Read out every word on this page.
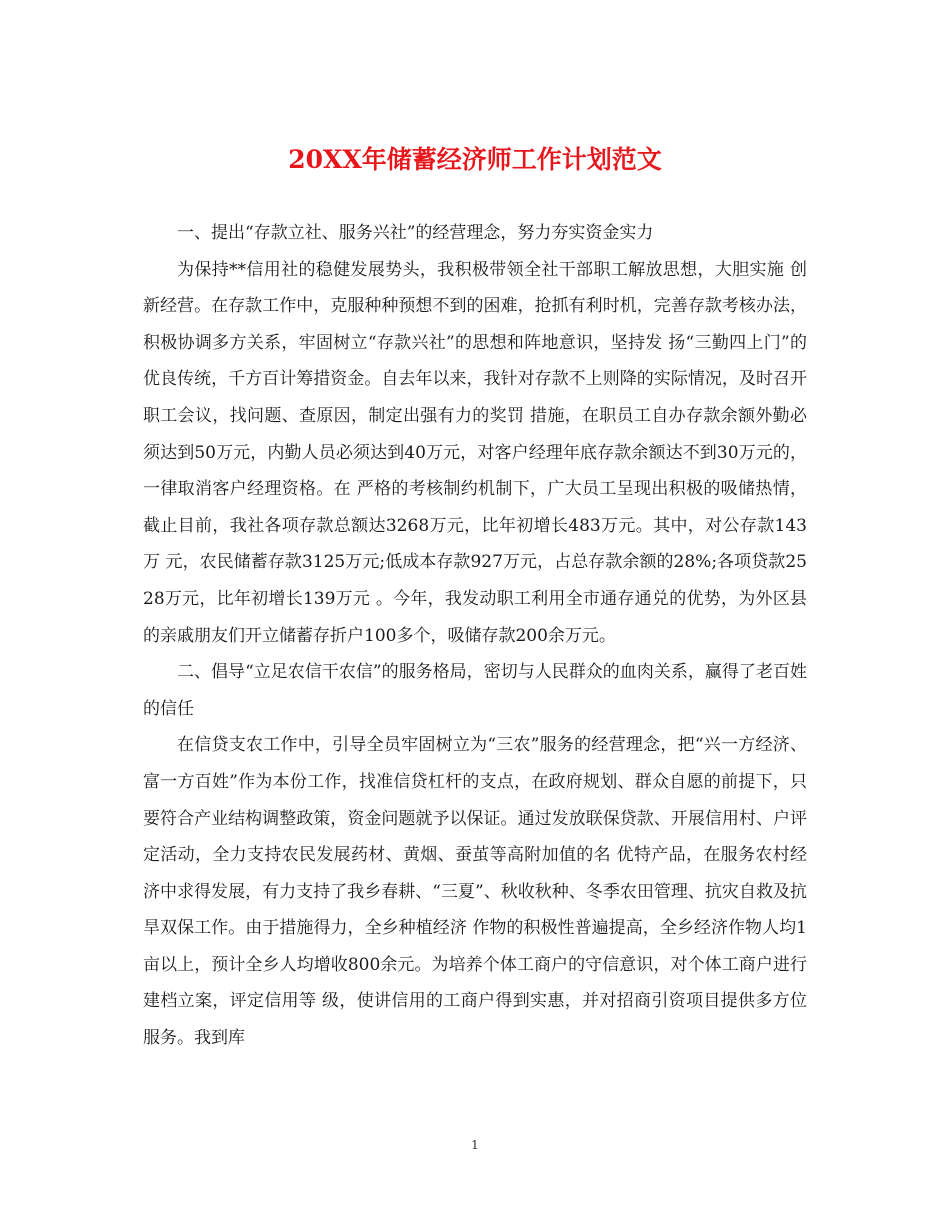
20XX年储蓄经济师工作计划范文

一、提出“存款立社、服务兴社”的经营理念，努力夯实资金实力

为保持**信用社的稳健发展势头，我积极带领全社干部职工解放思想，大胆实施 创新经营。在存款工作中，克服种种预想不到的困难，抢抓有利时机，完善存款考核办法，积极协调多方关系，牢固树立“存款兴社”的思想和阵地意识，坚持发 扬“三勤四上门”的优良传统，千方百计筹措资金。自去年以来，我针对存款不上则降的实际情况，及时召开职工会议，找问题、查原因，制定出强有力的奖罚 措施，在职员工自办存款余额外勤必须达到50万元，内勤人员必须达到40万元，对客户经理年底存款余额达不到30万元的，一律取消客户经理资格。在 严格的考核制约机制下，广大员工呈现出积极的吸储热情，截止目前，我社各项存款总额达3268万元，比年初增长483万元。其中，对公存款143万 元，农民储蓄存款3125万元;低成本存款927万元，占总存款余额的28%;各项贷款2528万元，比年初增长139万元 。今年，我发动职工利用全市通存通兑的优势，为外区县的亲戚朋友们开立储蓄存折户100多个，吸储存款200余万元。

二、倡导“立足农信干农信”的服务格局，密切与人民群众的血肉关系，赢得了老百姓的信任

在信贷支农工作中，引导全员牢固树立为“三农”服务的经营理念，把“兴一方经济、富一方百姓”作为本份工作，找准信贷杠杆的支点，在政府规划、群众自愿的前提下，只要符合产业结构调整政策，资金问题就予以保证。通过发放联保贷款、开展信用村、户评定活动，全力支持农民发展药材、黄烟、蚕茧等高附加值的名 优特产品，在服务农村经济中求得发展，有力支持了我乡春耕、“三夏”、秋收秋种、冬季农田管理、抗灾自救及抗旱双保工作。由于措施得力，全乡种植经济 作物的积极性普遍提高，全乡经济作物人均1亩以上，预计全乡人均增收800余元。为培养个体工商户的守信意识，对个体工商户进行建档立案，评定信用等 级，使讲信用的工商户得到实惠，并对招商引资项目提供多方位服务。我到库

1
